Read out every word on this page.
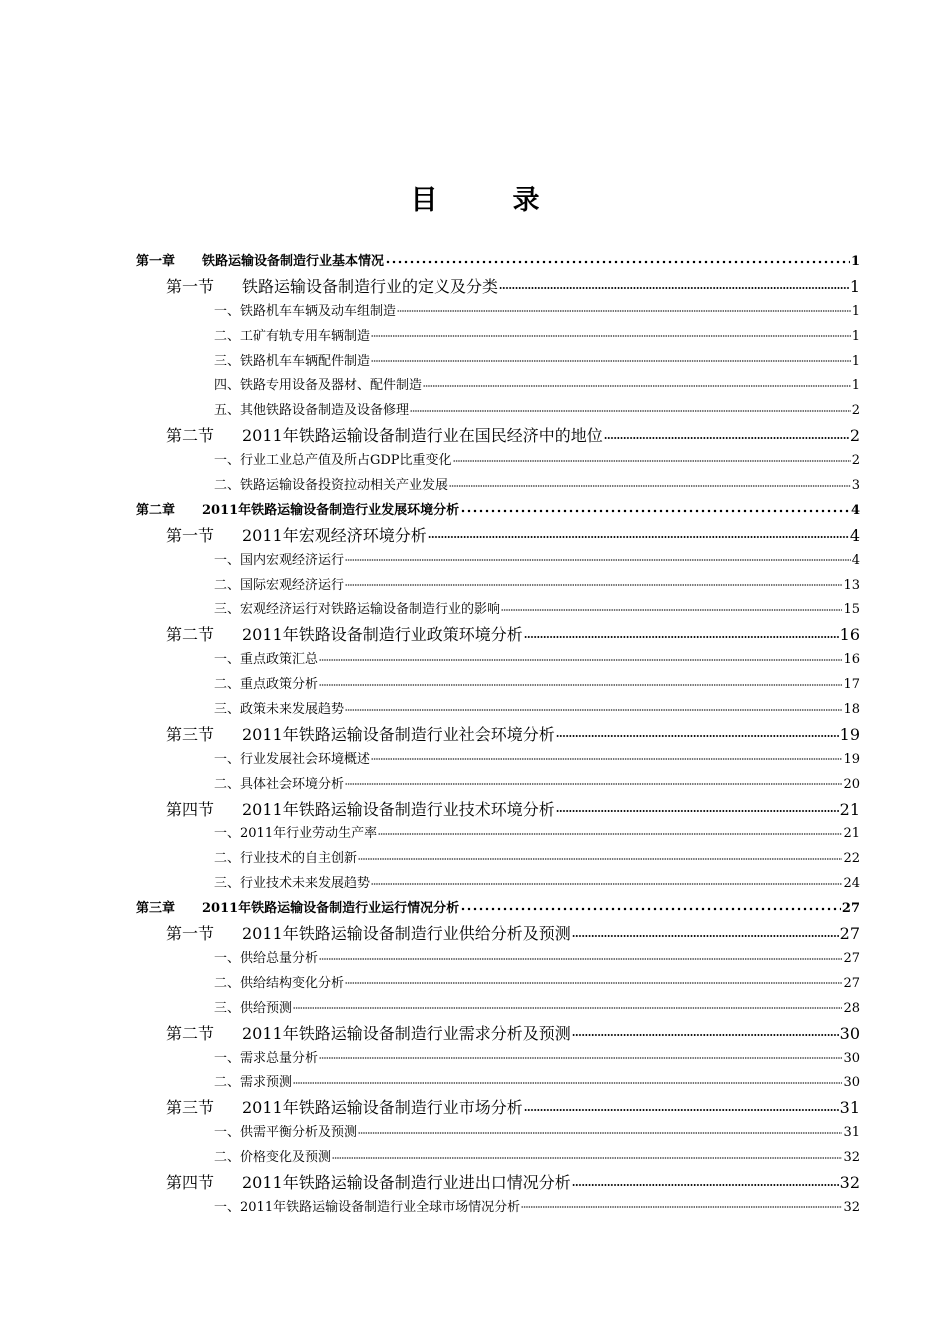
目　录
第一章 铁路运输设备制造行业基本情况	1
第一节 铁路运输设备制造行业的定义及分类	1
一、铁路机车车辆及动车组制造	1
二、工矿有轨专用车辆制造	1
三、铁路机车车辆配件制造	1
四、铁路专用设备及器材、配件制造	1
五、其他铁路设备制造及设备修理	2
第二节 2011年铁路运输设备制造行业在国民经济中的地位	2
一、行业工业总产值及所占GDP比重变化	2
二、铁路运输设备投资拉动相关产业发展	3
第二章 2011年铁路运输设备制造行业发展环境分析	4
第一节 2011年宏观经济环境分析	4
一、国内宏观经济运行	4
二、国际宏观经济运行	13
三、宏观经济运行对铁路运输设备制造行业的影响	15
第二节 2011年铁路设备制造行业政策环境分析	16
一、重点政策汇总	16
二、重点政策分析	17
三、政策未来发展趋势	18
第三节 2011年铁路运输设备制造行业社会环境分析	19
一、行业发展社会环境概述	19
二、具体社会环境分析	20
第四节 2011年铁路运输设备制造行业技术环境分析	21
一、2011年行业劳动生产率	21
二、行业技术的自主创新	22
三、行业技术未来发展趋势	24
第三章 2011年铁路运输设备制造行业运行情况分析	27
第一节 2011年铁路运输设备制造行业供给分析及预测	27
一、供给总量分析	27
二、供给结构变化分析	27
三、供给预测	28
第二节 2011年铁路运输设备制造行业需求分析及预测	30
一、需求总量分析	30
二、需求预测	30
第三节 2011年铁路运输设备制造行业市场分析	31
一、供需平衡分析及预测	31
二、价格变化及预测	32
第四节 2011年铁路运输设备制造行业进出口情况分析	32
一、2011年铁路运输设备制造行业全球市场情况分析	32
